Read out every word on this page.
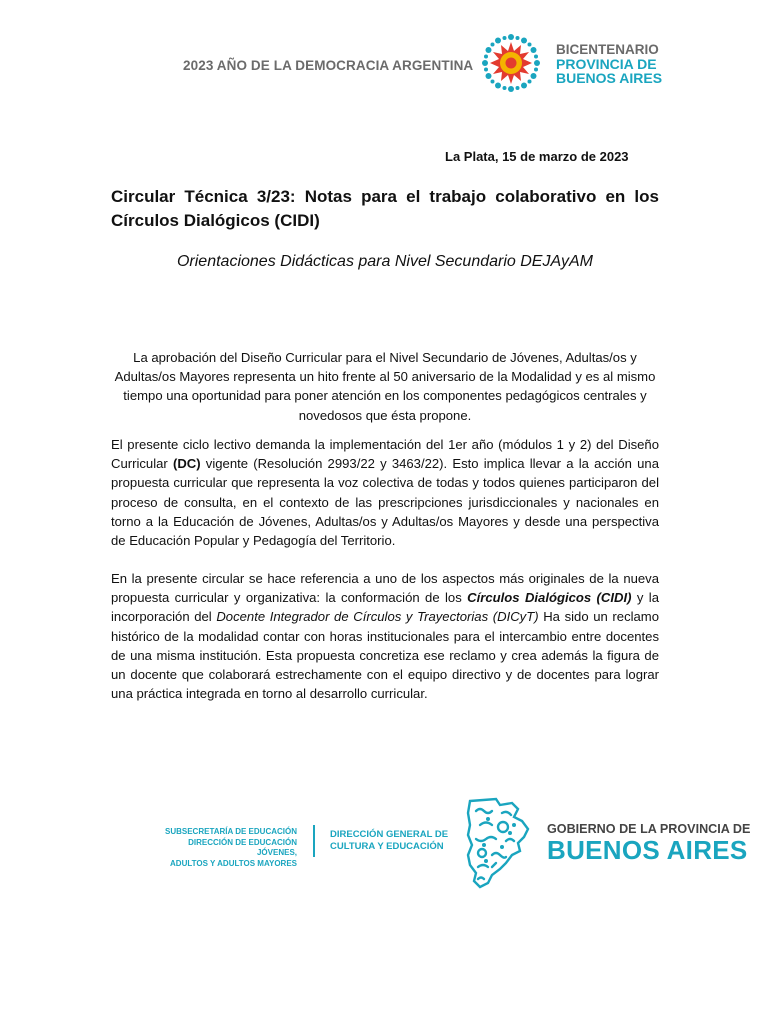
2023 AÑO DE LA DEMOCRACIA ARGENTINA
BICENTENARIO
PROVINCIA DE
BUENOS AIRES
La Plata, 15 de marzo de 2023
Circular Técnica 3/23: Notas para el trabajo colaborativo en los Círculos Dialógicos (CIDI)
Orientaciones Didácticas para Nivel Secundario DEJAyAM
La aprobación del Diseño Curricular para el Nivel Secundario de Jóvenes, Adultas/os y Adultas/os Mayores representa un hito frente al 50 aniversario de la Modalidad y es al mismo tiempo una oportunidad para poner atención en los componentes pedagógicos centrales y novedosos que ésta propone.
El presente ciclo lectivo demanda la implementación del 1er año (módulos 1 y 2) del Diseño Curricular (DC) vigente (Resolución 2993/22 y 3463/22). Esto implica llevar a la acción una propuesta curricular que representa la voz colectiva de todas y todos quienes participaron del proceso de consulta, en el contexto de las prescripciones jurisdiccionales y nacionales en torno a la Educación de Jóvenes, Adultas/os y Adultas/os Mayores y desde una perspectiva de Educación Popular y Pedagogía del Territorio.
En la presente circular se hace referencia a uno de los aspectos más originales de la nueva propuesta curricular y organizativa: la conformación de los Círculos Dialógicos (CIDI) y la incorporación del Docente Integrador de Círculos y Trayectorias (DICyT) Ha sido un reclamo histórico de la modalidad contar con horas institucionales para el intercambio entre docentes de una misma institución. Esta propuesta concretiza ese reclamo y crea además la figura de un docente que colaborará estrechamente con el equipo directivo y de docentes para lograr una práctica integrada en torno al desarrollo curricular.
SUBSECRETARÍA DE EDUCACIÓN
DIRECCIÓN DE EDUCACIÓN JÓVENES,
ADULTOS Y ADULTOS MAYORES
DIRECCIÓN GENERAL DE
CULTURA Y EDUCACIÓN
GOBIERNO DE LA PROVINCIA DE
BUENOS AIRES
